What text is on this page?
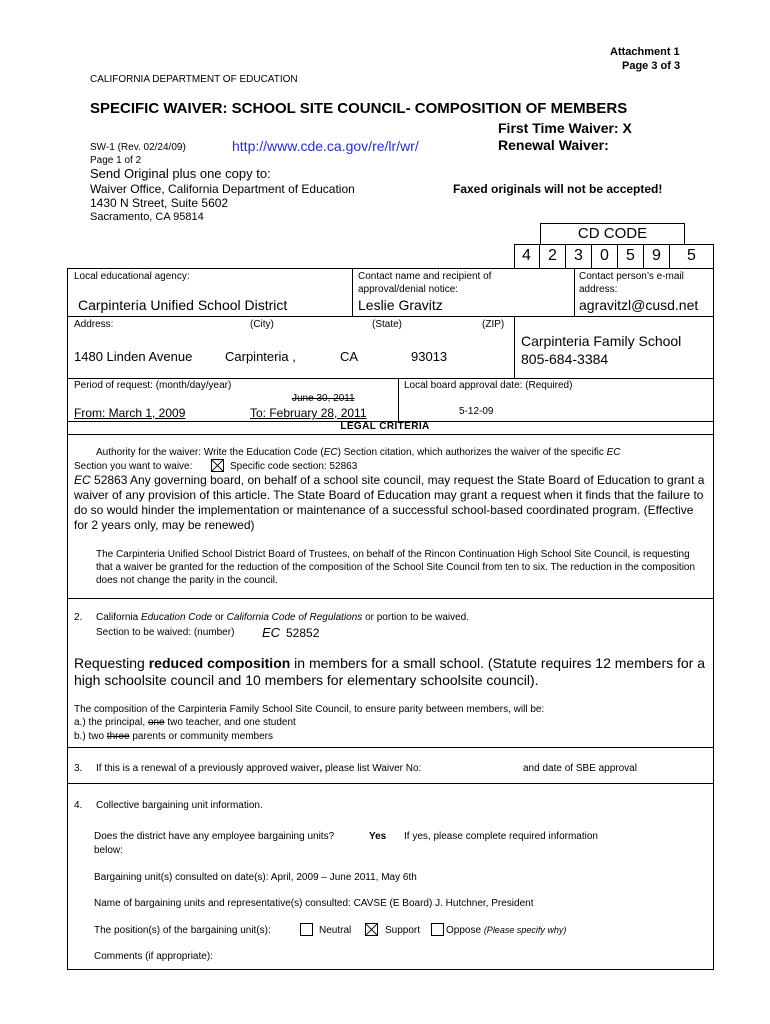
Attachment 1
Page 3 of 3
CALIFORNIA DEPARTMENT OF EDUCATION
SPECIFIC WAIVER: SCHOOL SITE COUNCIL- COMPOSITION OF MEMBERS
First Time Waiver: X
Renewal Waiver:
SW-1 (Rev. 02/24/09)	http://www.cde.ca.gov/re/lr/wr/
Page 1 of 2
Send Original plus one copy to:
Waiver Office, California Department of Education
1430 N Street, Suite 5602
Sacramento, CA 95814
Faxed originals will not be accepted!
CD CODE
4	2	3	0	5	9	5
Local educational agency:
Carpinteria Unified School District
Contact name and recipient of
approval/denial notice:
Leslie Gravitz
Contact person’s e-mail
address:
agravitzl@cusd.net
Address:	(City)	(State)	(ZIP)
1480 Linden Avenue	Carpinteria ,	CA	93013
Carpinteria Family School
805-684-3384
Period of request: (month/day/year)
June 30, 2011
From: March 1, 2009	To: February 28, 2011
Local board approval date: (Required)
5-12-09
LEGAL CRITERIA
Authority for the waiver: Write the Education Code (EC) Section citation, which authorizes the waiver of the specific EC
Section you want to waive:	Specific code section: 52863
EC 52863 Any governing board, on behalf of a school site council, may request the State Board of Education to grant a waiver of any provision of this article. The State Board of Education may grant a request when it finds that the failure to do so would hinder the implementation or maintenance of a successful school-based coordinated program. (Effective for 2 years only, may be renewed)
The Carpinteria Unified School District Board of Trustees, on behalf of the Rincon Continuation High School Site Council, is requesting that a waiver be granted for the reduction of the composition of the School Site Council from ten to six. The reduction in the composition does not change the parity in the council.
2. California Education Code or California Code of Regulations or portion to be waived.
Section to be waived: (number) EC 52852
Requesting reduced composition in members for a small school. (Statute requires 12 members for a high schoolsite council and 10 members for elementary schoolsite council).
The composition of the Carpinteria Family School Site Council, to ensure parity between members, will be:
a.) the principal, one two teacher, and one student
b.) two three parents or community members
3. If this is a renewal of a previously approved waiver, please list Waiver No:	and date of SBE approval
4. Collective bargaining unit information.
Does the district have any employee bargaining units?	Yes If yes, please complete required information
below:
Bargaining unit(s) consulted on date(s): April, 2009 – June 2011, May 6th
Name of bargaining units and representative(s) consulted: CAVSE (E Board) J. Hutchner, President
The position(s) of the bargaining unit(s):	Neutral	Support	Oppose (Please specify why)
Comments (if appropriate):
